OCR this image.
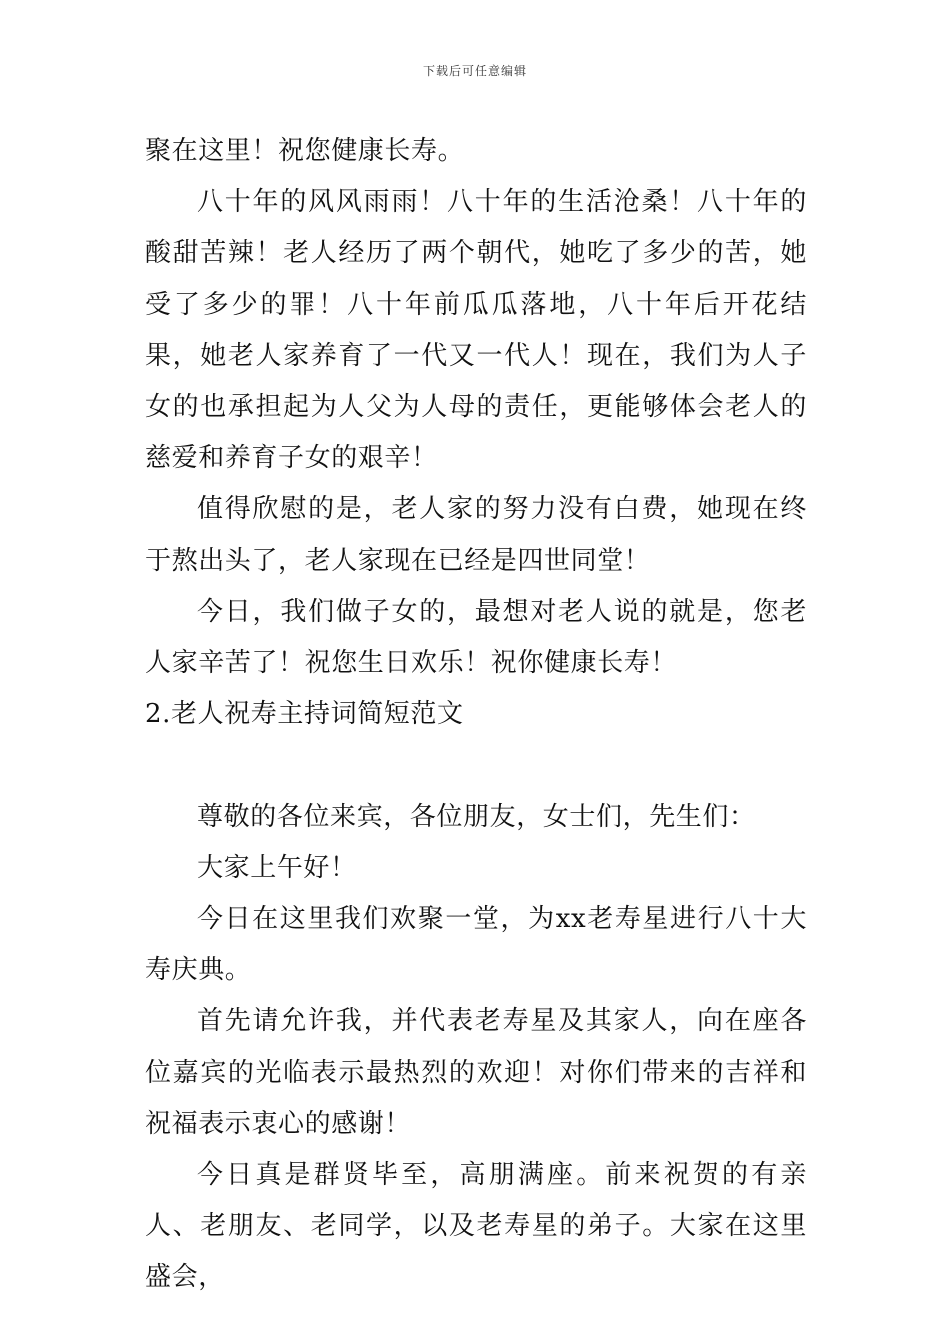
下载后可任意编辑

聚在这里！祝您健康长寿。

八十年的风风雨雨！八十年的生活沧桑！八十年的酸甜苦辣！老人经历了两个朝代，她吃了多少的苦，她受了多少的罪！八十年前瓜瓜落地，八十年后开花结果，她老人家养育了一代又一代人！现在，我们为人子女的也承担起为人父为人母的责任，更能够体会老人的慈爱和养育子女的艰辛！

值得欣慰的是，老人家的努力没有白费，她现在终于熬出头了，老人家现在已经是四世同堂！

今日，我们做子女的，最想对老人说的就是，您老人家辛苦了！祝您生日欢乐！祝你健康长寿！

2.老人祝寿主持词简短范文

尊敬的各位来宾，各位朋友，女士们，先生们：

大家上午好！

今日在这里我们欢聚一堂，为xx老寿星进行八十大寿庆典。

首先请允许我，并代表老寿星及其家人，向在座各位嘉宾的光临表示最热烈的欢迎！对你们带来的吉祥和祝福表示衷心的感谢！

今日真是群贤毕至，高朋满座。前来祝贺的有亲人、老朋友、老同学，以及老寿星的弟子。大家在这里盛会，
